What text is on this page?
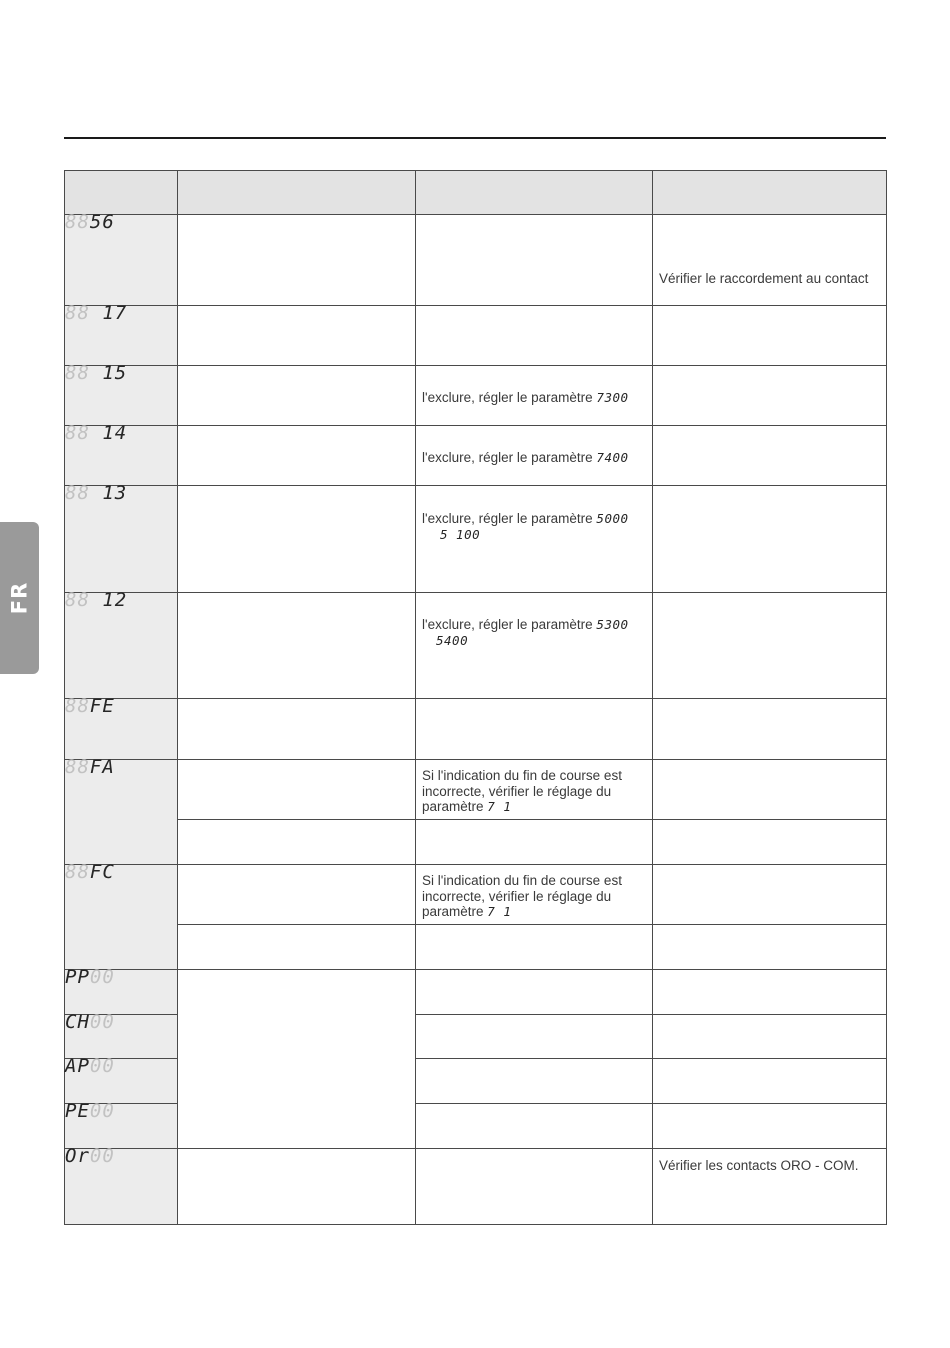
FR

8856			Vérifier le raccordement au contact

88 17			
88 15		l'exclure, régler le paramètre 7300	

88 14		l'exclure, régler le paramètre 7400	

88 13		l'exclure, régler le paramètre 5000
5 100	

88 12		l'exclure, régler le paramètre 5300
5400	

88FE			
88FA		Si l'indication du fin de course est incorrecte, vérifier le réglage du paramètre 7 1	

88FC		Si l'indication du fin de course est incorrecte, vérifier le réglage du paramètre 7 1	

PP00			
CH00			
AP00			
PE00			
Or00			Vérifier les contacts ORO - COM.
